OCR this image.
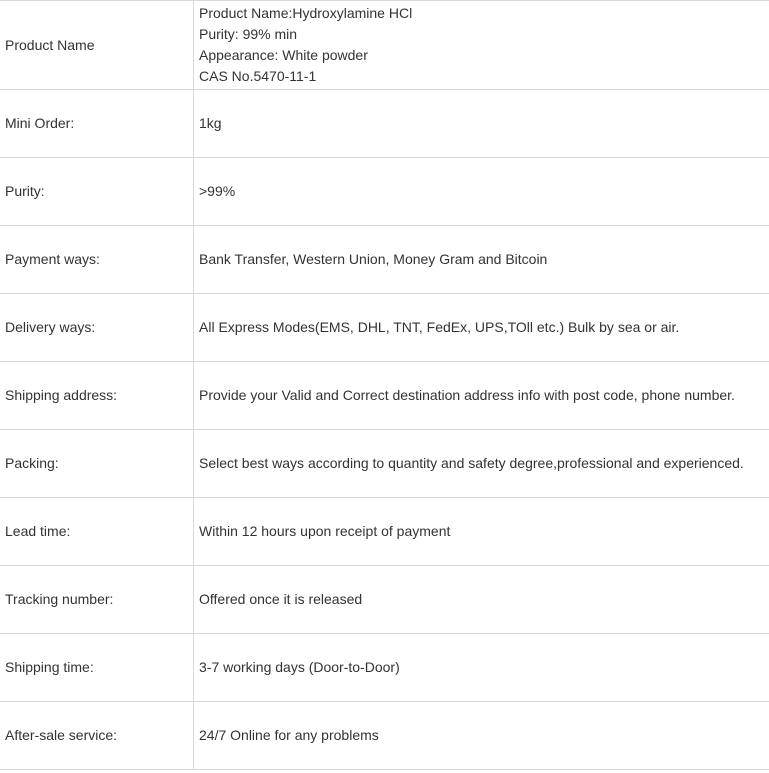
Product Name	Product Name:Hydroxylamine HCl
Purity: 99% min
Appearance: White powder
CAS No.5470-11-1

Mini Order:	1kg
Purity:	>99%
Payment ways:	Bank Transfer, Western Union, Money Gram and Bitcoin
Delivery ways:	All Express Modes(EMS, DHL, TNT, FedEx, UPS,TOll etc.) Bulk by sea or air.
Shipping address:	Provide your Valid and Correct destination address info with post code, phone number.
Packing:	Select best ways according to quantity and safety degree,professional and experienced.
Lead time:	Within 12 hours upon receipt of payment
Tracking number:	Offered once it is released
Shipping time:	3-7 working days (Door-to-Door)
After-sale service:	24/7 Online for any problems
